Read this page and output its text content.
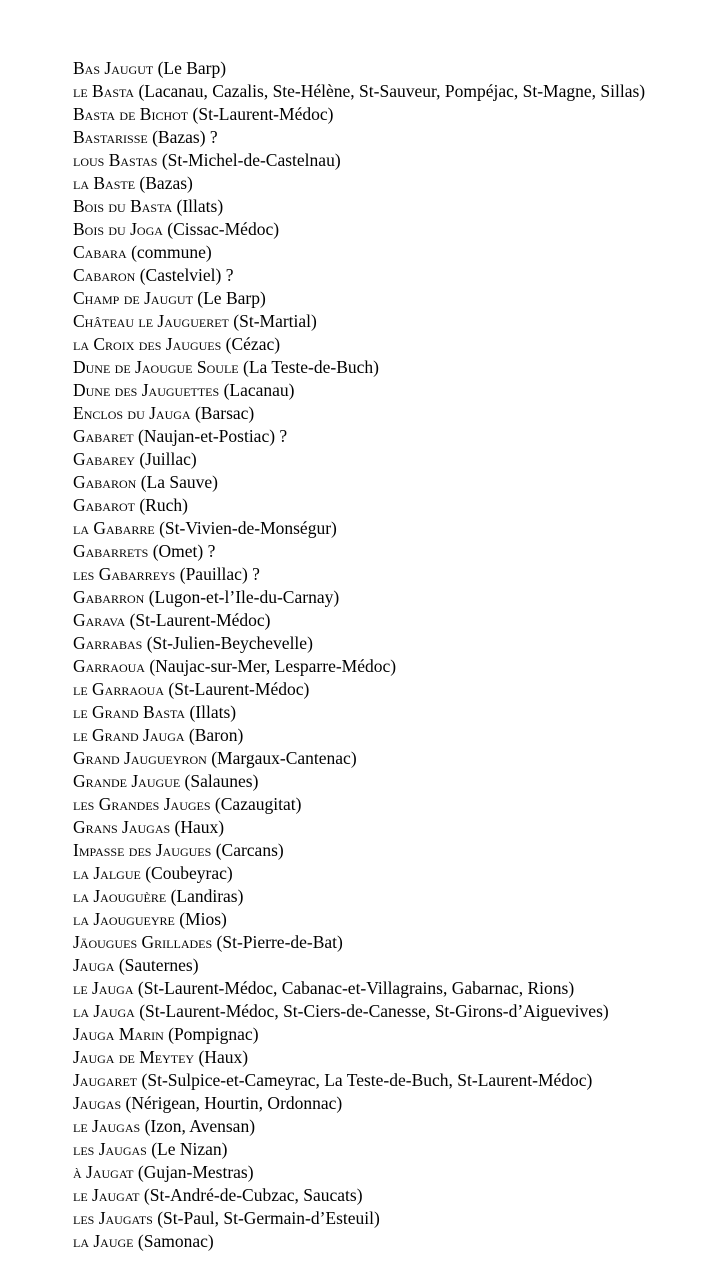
Bas Jaugut (Le Barp)
le Basta (Lacanau, Cazalis, Ste-Hélène, St-Sauveur, Pompéjac, St-Magne, Sillas)
Basta de Bichot (St-Laurent-Médoc)
Bastarisse (Bazas) ?
lous Bastas (St-Michel-de-Castelnau)
la Baste (Bazas)
Bois du Basta (Illats)
Bois du Joga (Cissac-Médoc)
Cabara (commune)
Cabaron (Castelviel) ?
Champ de Jaugut (Le Barp)
Château le Jaugueret (St-Martial)
la Croix des Jaugues (Cézac)
Dune de Jaougue Soule (La Teste-de-Buch)
Dune des Jauguettes (Lacanau)
Enclos du Jauga (Barsac)
Gabaret (Naujan-et-Postiac) ?
Gabarey (Juillac)
Gabaron (La Sauve)
Gabarot (Ruch)
la Gabarre (St-Vivien-de-Monségur)
Gabarrets (Omet) ?
les Gabarreys (Pauillac) ?
Gabarron (Lugon-et-l’Ile-du-Carnay)
Garava (St-Laurent-Médoc)
Garrabas (St-Julien-Beychevelle)
Garraoua (Naujac-sur-Mer, Lesparre-Médoc)
le Garraoua (St-Laurent-Médoc)
le Grand Basta (Illats)
le Grand Jauga (Baron)
Grand Jaugueyron (Margaux-Cantenac)
Grande Jaugue (Salaunes)
les Grandes Jauges (Cazaugitat)
Grans Jaugas (Haux)
Impasse des Jaugues (Carcans)
la Jalgue (Coubeyrac)
la Jaouguère (Landiras)
la Jaougueyre (Mios)
Jäougues Grillades (St-Pierre-de-Bat)
Jauga (Sauternes)
le Jauga (St-Laurent-Médoc, Cabanac-et-Villagrains, Gabarnac, Rions)
la Jauga (St-Laurent-Médoc, St-Ciers-de-Canesse, St-Girons-d’Aiguevives)
Jauga Marin (Pompignac)
Jauga de Meytey (Haux)
Jaugaret (St-Sulpice-et-Cameyrac, La Teste-de-Buch, St-Laurent-Médoc)
Jaugas (Nérigean, Hourtin, Ordonnac)
le Jaugas (Izon, Avensan)
les Jaugas (Le Nizan)
à Jaugat (Gujan-Mestras)
le Jaugat (St-André-de-Cubzac, Saucats)
les Jaugats (St-Paul, St-Germain-d’Esteuil)
la Jauge (Samonac)
